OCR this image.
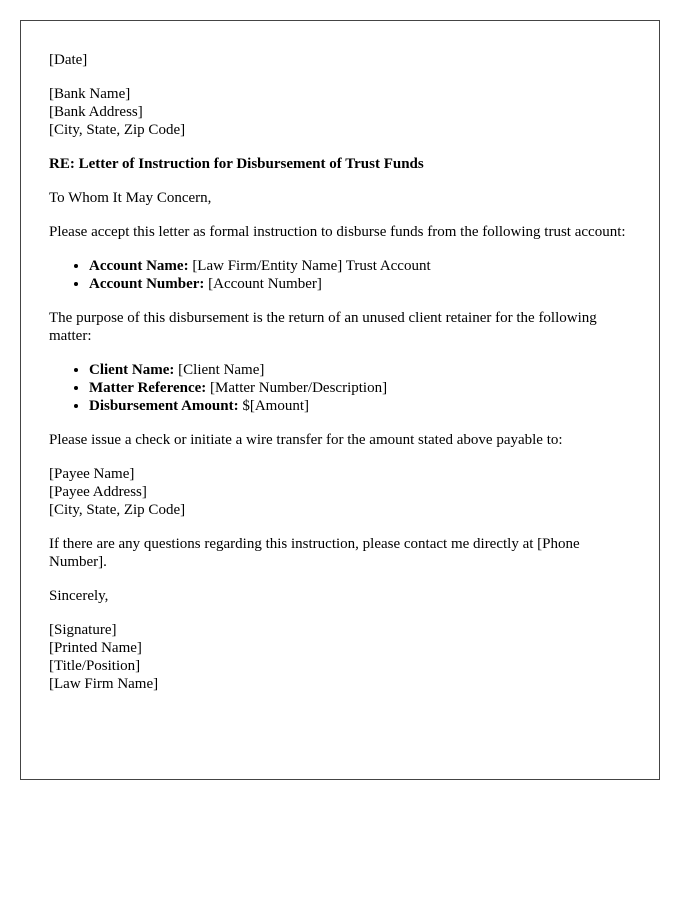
[Date]
[Bank Name]
[Bank Address]
[City, State, Zip Code]
RE: Letter of Instruction for Disbursement of Trust Funds
To Whom It May Concern,
Please accept this letter as formal instruction to disburse funds from the following trust account:
• Account Name: [Law Firm/Entity Name] Trust Account
• Account Number: [Account Number]
The purpose of this disbursement is the return of an unused client retainer for the following matter:
• Client Name: [Client Name]
• Matter Reference: [Matter Number/Description]
• Disbursement Amount: $[Amount]
Please issue a check or initiate a wire transfer for the amount stated above payable to:
[Payee Name]
[Payee Address]
[City, State, Zip Code]
If there are any questions regarding this instruction, please contact me directly at [Phone Number].
Sincerely,
[Signature]
[Printed Name]
[Title/Position]
[Law Firm Name]
